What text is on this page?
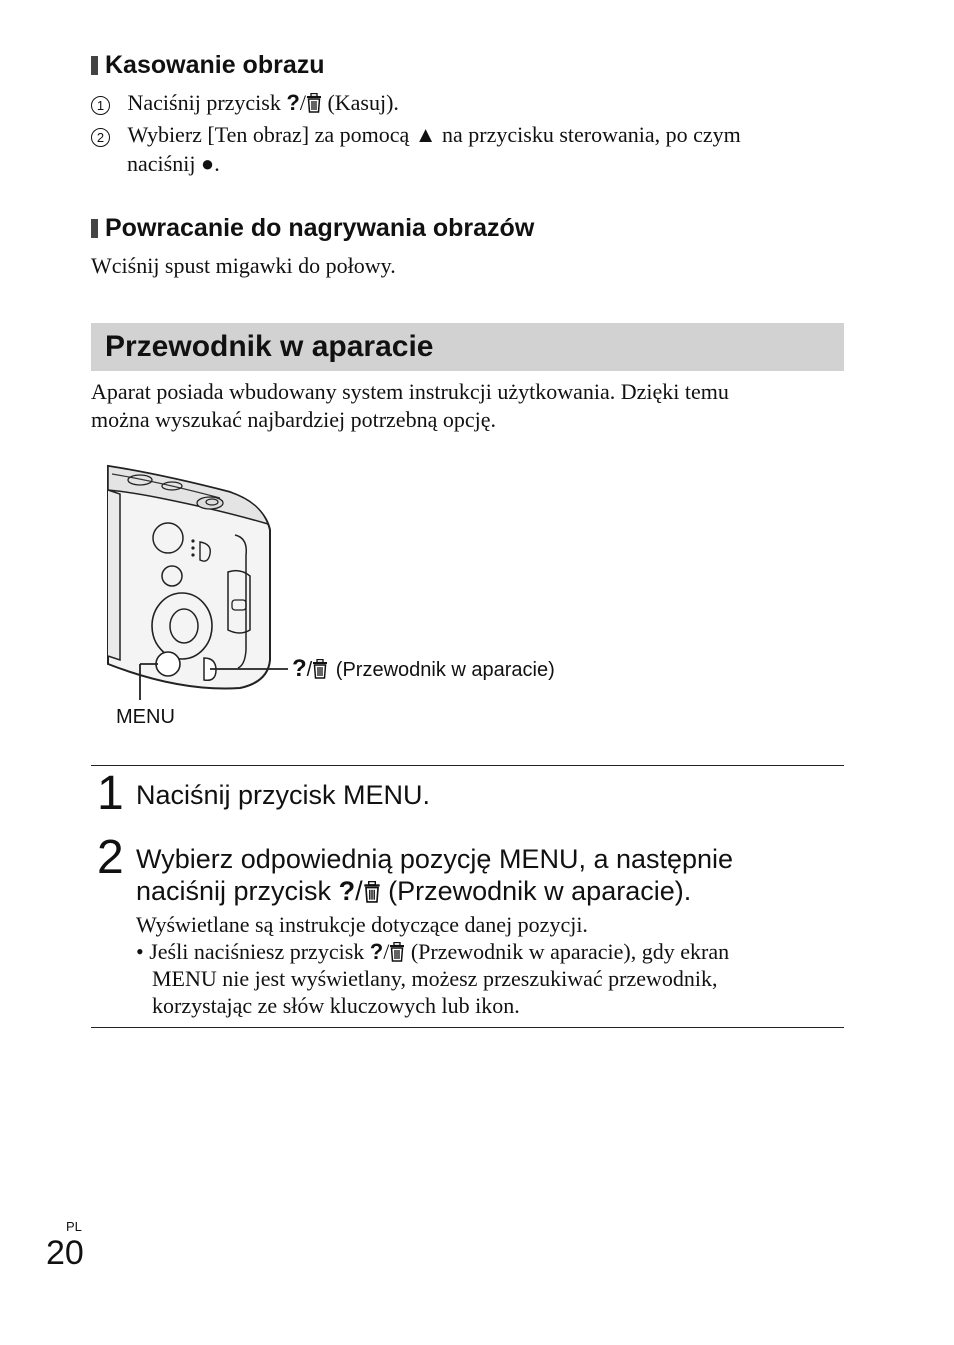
Kasowanie obrazu
1 Naciśnij przycisk ?/ (Kasuj).
2 Wybierz [Ten obraz] za pomocą ▲ na przycisku sterowania, po czym
naciśnij ●.
Powracanie do nagrywania obrazów
Wciśnij spust migawki do połowy.
Przewodnik w aparacie
Aparat posiada wbudowany system instrukcji użytkowania. Dzięki temu
można wyszukać najbardziej potrzebną opcję.
?/ (Przewodnik w aparacie)
MENU
1 Naciśnij przycisk MENU.
2 Wybierz odpowiednią pozycję MENU, a następnie
naciśnij przycisk ?/ (Przewodnik w aparacie).
Wyświetlane są instrukcje dotyczące danej pozycji.
• Jeśli naciśniesz przycisk ?/ (Przewodnik w aparacie), gdy ekran
MENU nie jest wyświetlany, możesz przeszukiwać przewodnik,
korzystając ze słów kluczowych lub ikon.
PL
20
